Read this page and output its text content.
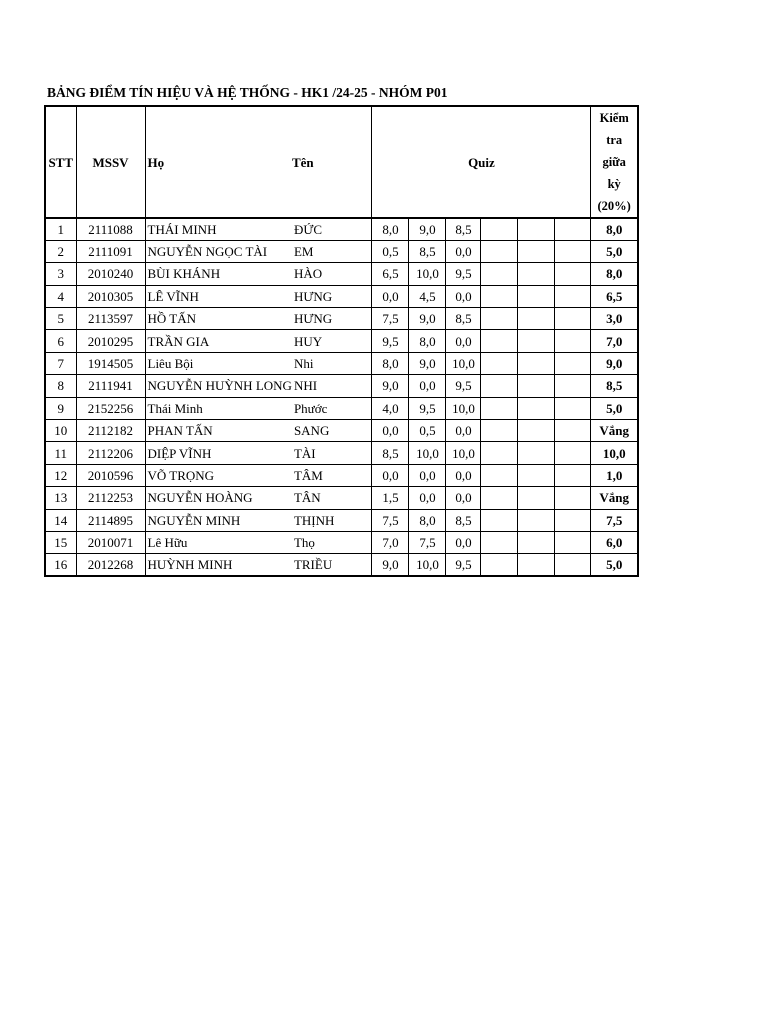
BẢNG ĐIỂM TÍN HIỆU VÀ HỆ THỐNG - HK1 /24-25 - NHÓM P01
STT	MSSV	Họ	Tên	Quiz						Kiểm
tra
giữa
kỳ
(20%)

1	2111088	THÁI MINH	ĐỨC	8,0	9,0	8,5				8,0
2	2111091	NGUYỄN NGỌC TÀI	EM	0,5	8,5	0,0				5,0
3	2010240	BÙI KHÁNH	HÀO	6,5	10,0	9,5				8,0
4	2010305	LÊ VĨNH	HƯNG	0,0	4,5	0,0				6,5
5	2113597	HỒ TẤN	HƯNG	7,5	9,0	8,5				3,0
6	2010295	TRẦN GIA	HUY	9,5	8,0	0,0				7,0
7	1914505	Liêu Bội	Nhi	8,0	9,0	10,0				9,0
8	2111941	NGUYỄN HUỲNH LONG	NHI	9,0	0,0	9,5				8,5
9	2152256	Thái Minh	Phước	4,0	9,5	10,0				5,0
10	2112182	PHAN TẤN	SANG	0,0	0,5	0,0				Vắng
11	2112206	DIỆP VĨNH	TÀI	8,5	10,0	10,0				10,0
12	2010596	VÕ TRỌNG	TÂM	0,0	0,0	0,0				1,0
13	2112253	NGUYỄN HOÀNG	TÂN	1,5	0,0	0,0				Vắng
14	2114895	NGUYỄN MINH	THỊNH	7,5	8,0	8,5				7,5
15	2010071	Lê Hữu	Thọ	7,0	7,5	0,0				6,0
16	2012268	HUỲNH MINH	TRIỀU	9,0	10,0	9,5				5,0
